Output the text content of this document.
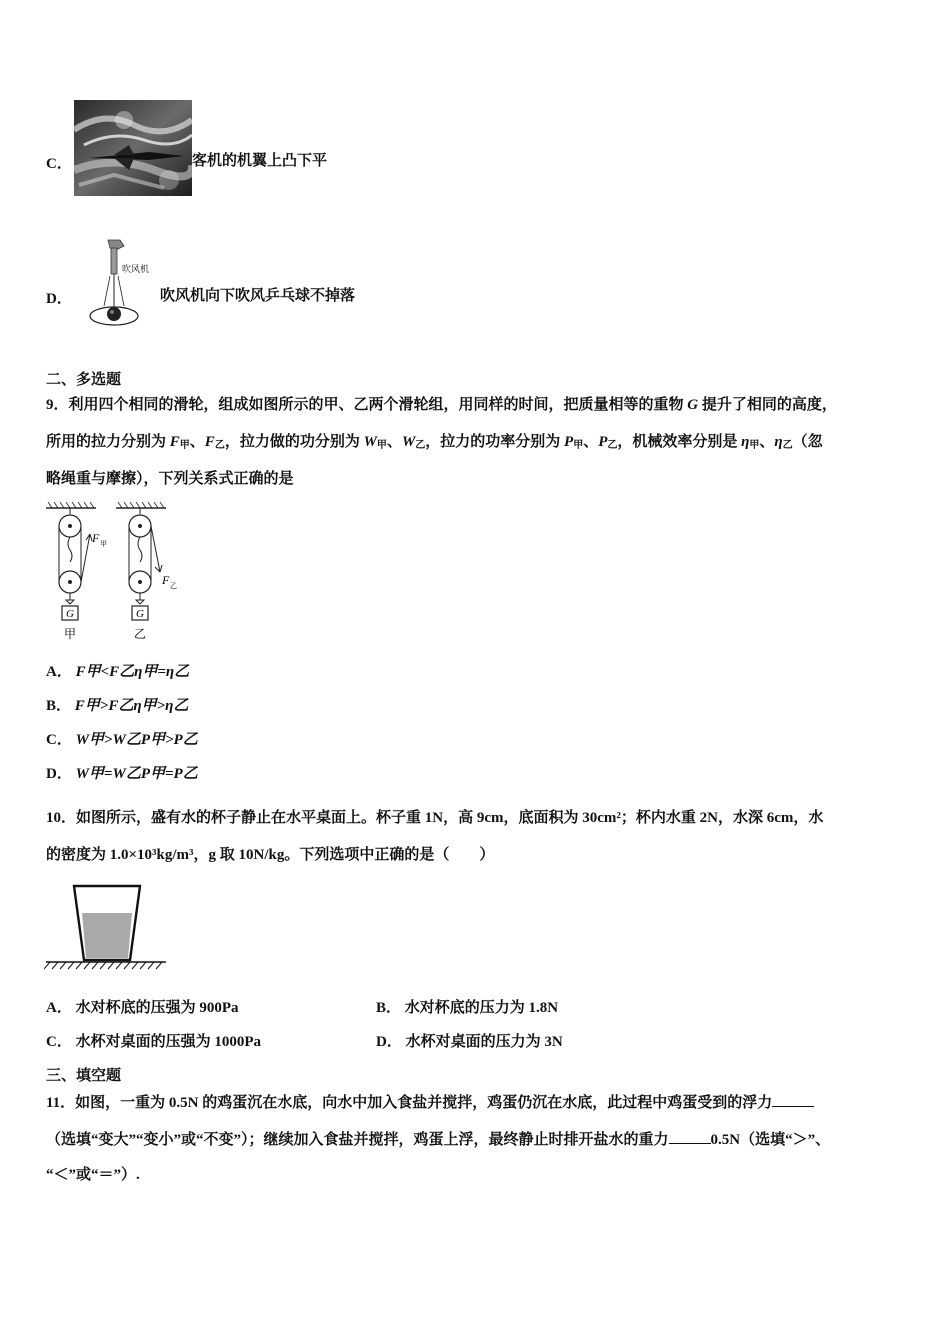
C．	客机的机翼上凸下平
D．
吹风机
吹风机向下吹风乒乓球不掉落
二、多选题
9．利用四个相同的滑轮，组成如图所示的甲、乙两个滑轮组，用同样的时间，把质量相等的重物 G 提升了相同的高度，
所用的拉力分别为 $F_甲$、$F_乙$，拉力做的功分别为 $W_甲$、$W_乙$，拉力的功率分别为 $P_甲$、$P_乙$，机械效率分别是 $\eta_甲$、$\eta_乙$（忽
略绳重与摩擦），下列关系式正确的是
G
甲
F 甲
G
乙
F 乙
A． F甲<F乙η甲=η乙
B． F甲>F乙η甲>η乙
C． W甲>W乙P甲>P乙
D． W甲=W乙P甲=P乙
10．如图所示，盛有水的杯子静止在水平桌面上。杯子重 1N，高 9cm，底面积为 30cm²；杯内水重 2N，水深 6cm，水
的密度为 1.0×10³kg/m³，g 取 10N/kg。下列选项中正确的是（　　）
A． 水对杯底的压强为 900Pa	B． 水对杯底的压力为 1.8N
C． 水杯对桌面的压强为 1000Pa	D． 水杯对桌面的压力为 3N
三、填空题
11．如图，一重为 0.5N 的鸡蛋沉在水底，向水中加入食盐并搅拌，鸡蛋仍沉在水底，此过程中鸡蛋受到的浮力
（选填“变大”“变小”或“不变”）；继续加入食盐并搅拌，鸡蛋上浮，最终静止时排开盐水的重力	0.5N（选填“＞”、
“＜”或“＝”）.
